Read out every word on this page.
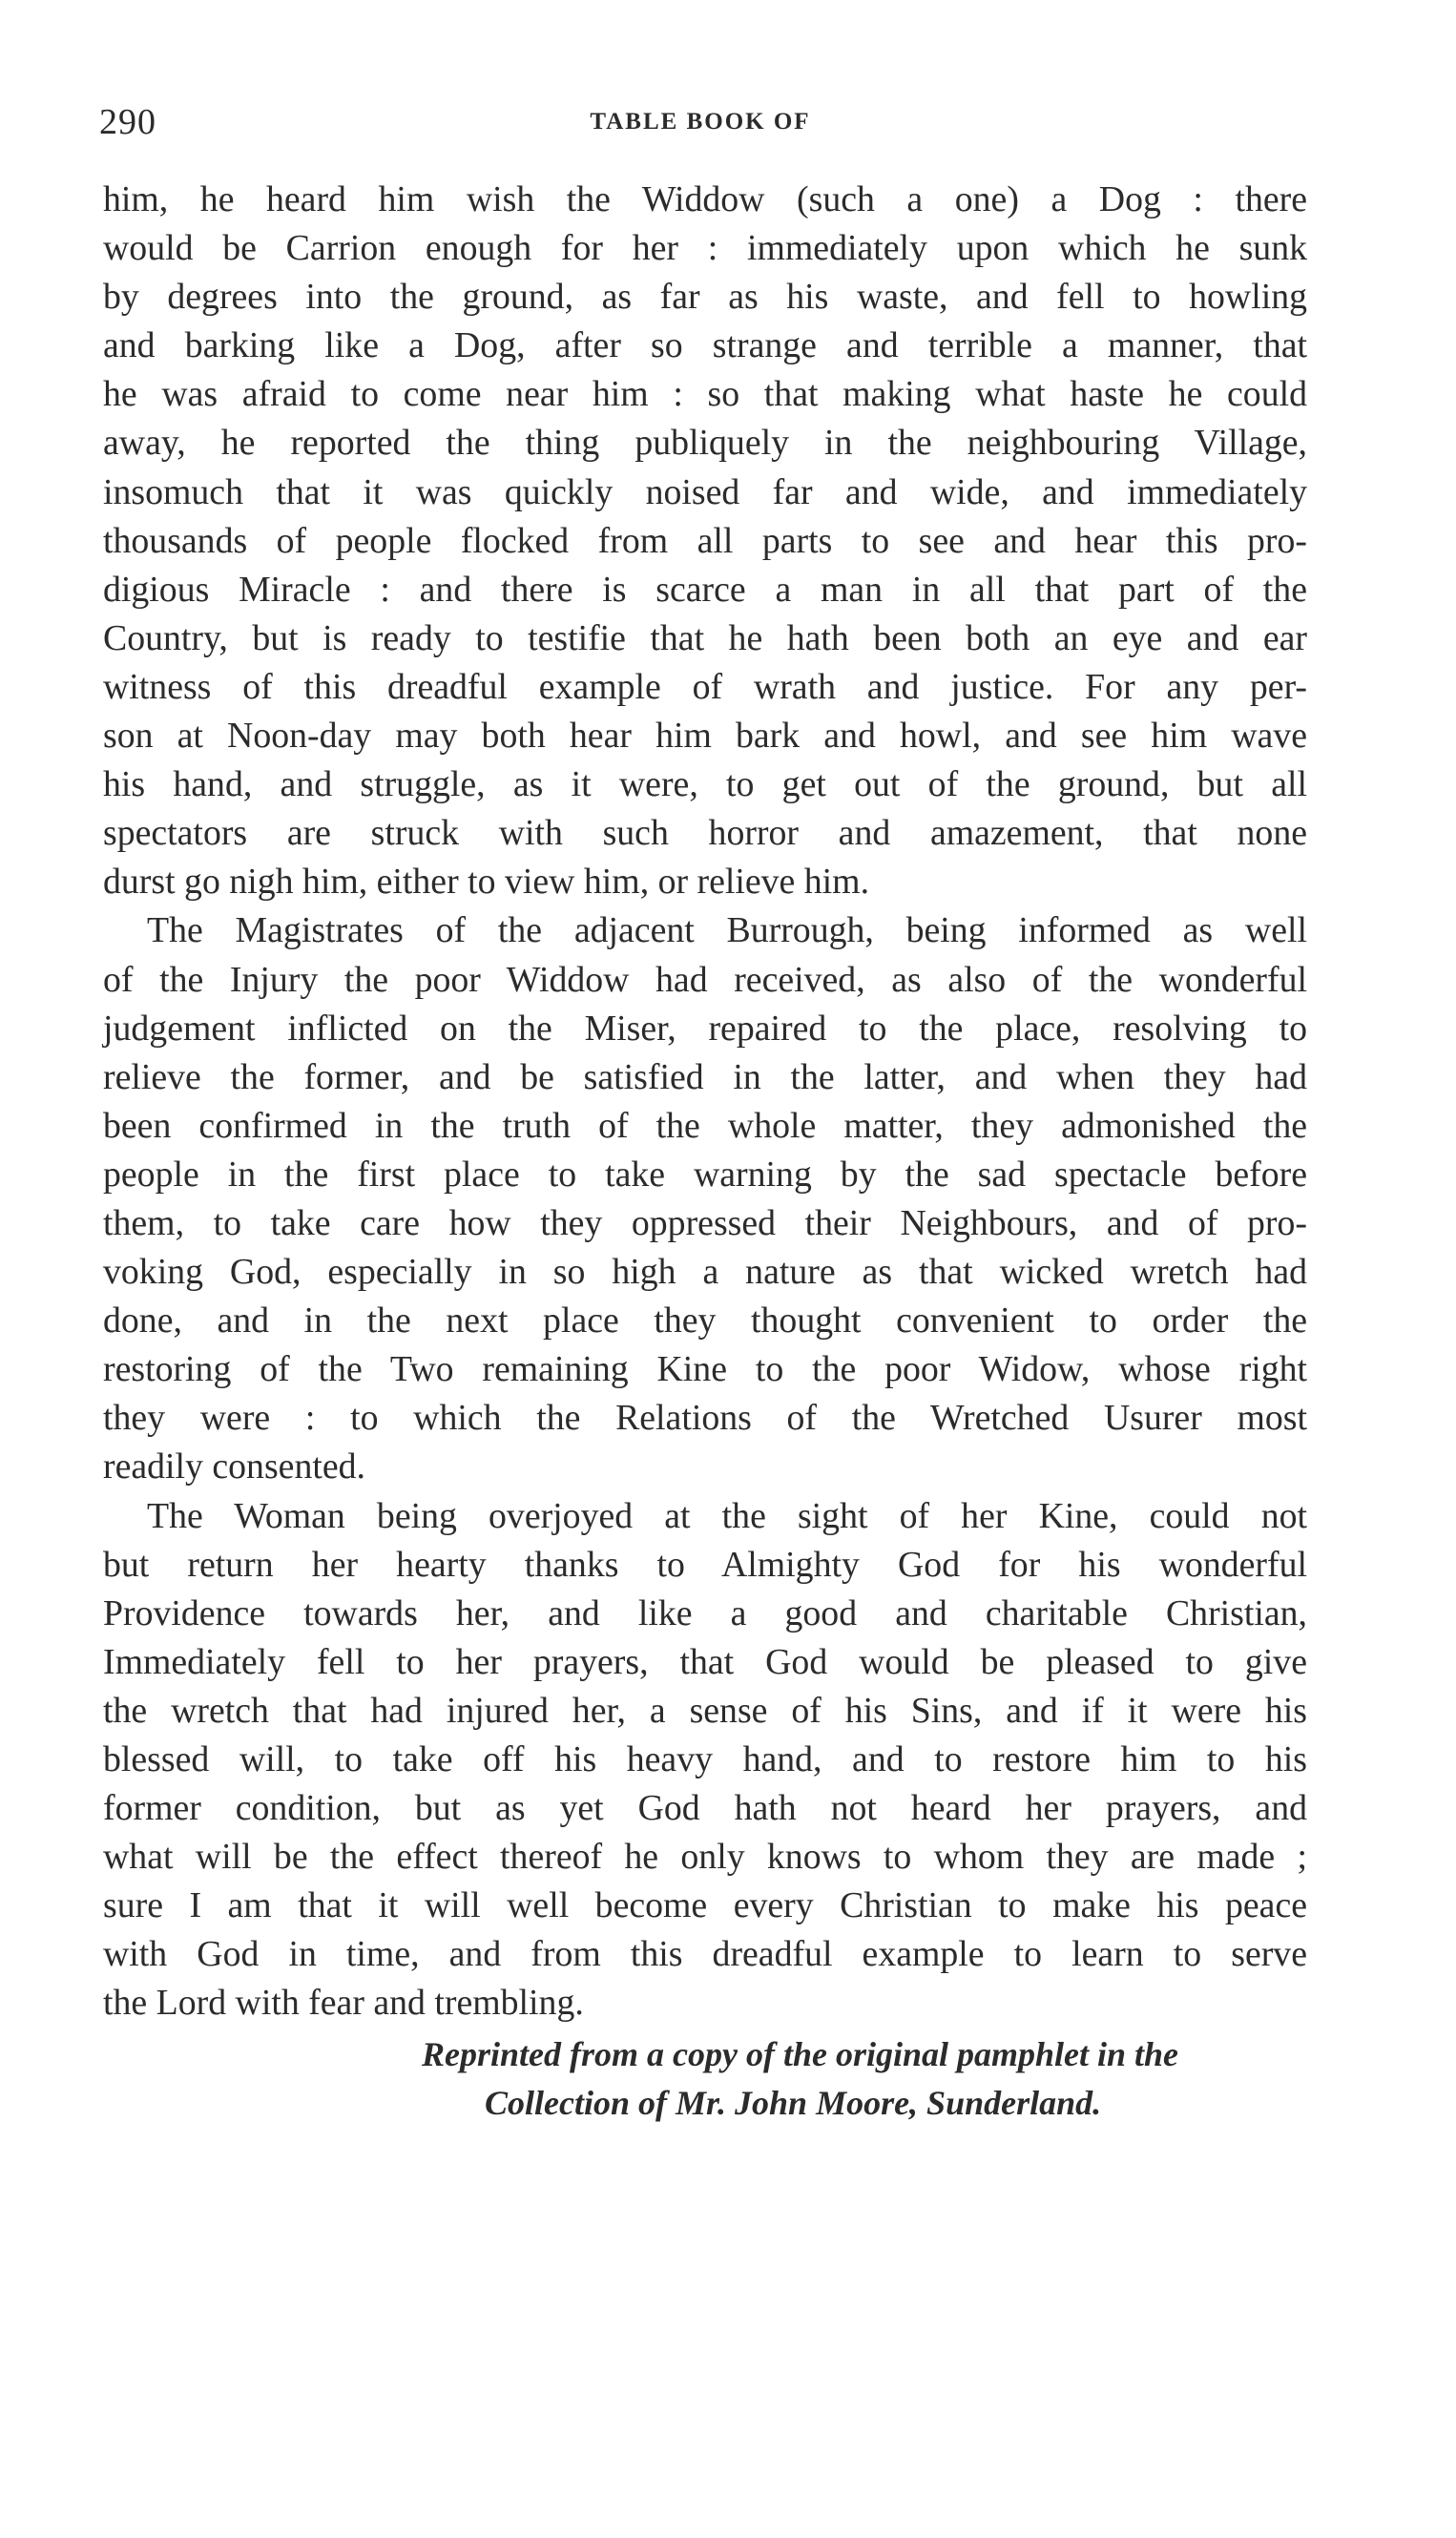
290	TABLE BOOK OF

him, he heard him wish the Widdow (such a one) a Dog : there
would be Carrion enough for her : immediately upon which he sunk
by degrees into the ground, as far as his waste, and fell to howling
and barking like a Dog, after so strange and terrible a manner, that
he was afraid to come near him : so that making what haste he could
away, he reported the thing publiquely in the neighbouring Village,
insomuch that it was quickly noised far and wide, and immediately
thousands of people flocked from all parts to see and hear this pro-
digious Miracle : and there is scarce a man in all that part of the
Country, but is ready to testifie that he hath been both an eye and ear
witness of this dreadful example of wrath and justice. For any per-
son at Noon-day may both hear him bark and howl, and see him wave
his hand, and struggle, as it were, to get out of the ground, but all
spectators are struck with such horror and amazement, that none
durst go nigh him, either to view him, or relieve him.

The Magistrates of the adjacent Burrough, being informed as well
of the Injury the poor Widdow had received, as also of the wonderful
judgement inflicted on the Miser, repaired to the place, resolving to
relieve the former, and be satisfied in the latter, and when they had
been confirmed in the truth of the whole matter, they admonished the
people in the first place to take warning by the sad spectacle before
them, to take care how they oppressed their Neighbours, and of pro-
voking God, especially in so high a nature as that wicked wretch had
done, and in the next place they thought convenient to order the
restoring of the Two remaining Kine to the poor Widow, whose right
they were : to which the Relations of the Wretched Usurer most
readily consented.

The Woman being overjoyed at the sight of her Kine, could not
but return her hearty thanks to Almighty God for his wonderful
Providence towards her, and like a good and charitable Christian,
Immediately fell to her prayers, that God would be pleased to give
the wretch that had injured her, a sense of his Sins, and if it were his
blessed will, to take off his heavy hand, and to restore him to his
former condition, but as yet God hath not heard her prayers, and
what will be the effect thereof he only knows to whom they are made ;
sure I am that it will well become every Christian to make his peace
with God in time, and from this dreadful example to learn to serve
the Lord with fear and trembling.

Reprinted from a copy of the original pamphlet in the
Collection of Mr. John Moore, Sunderland.
